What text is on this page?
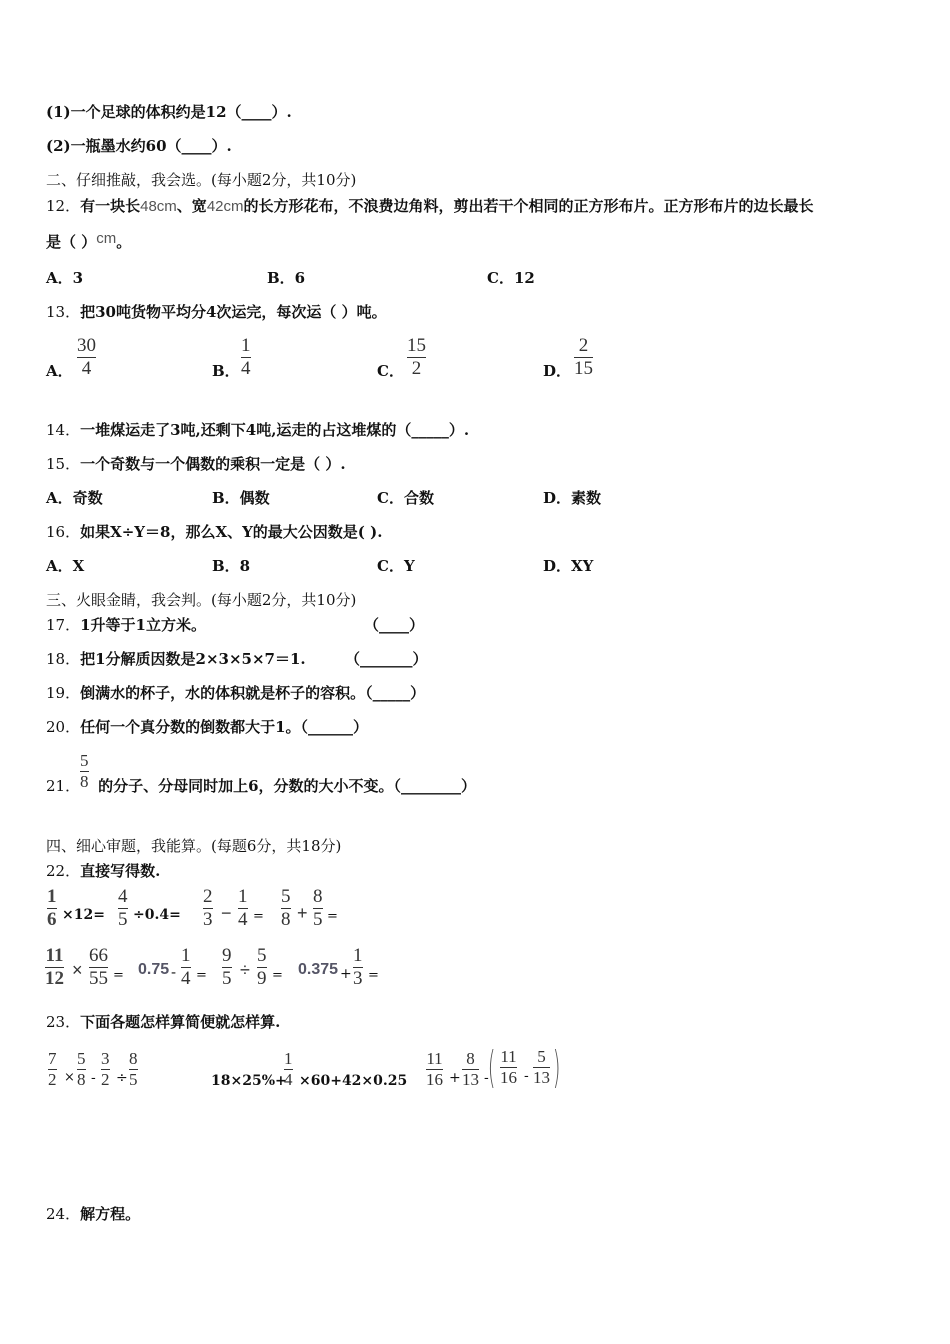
(1)一个足球的体积约是12（____）.
(2)一瓶墨水约60（____）.
二、仔细推敲，我会选。(每小题2分，共10分)
12．有一块长48cm、宽42cm的长方形花布，不浪费边角料，剪出若干个相同的正方形布片。正方形布片的边长最长
是（ ）cm。
A．3	B．6	C．12
13．把30吨货物平均分4次运完，每次运（ ）吨。
A．
30
4	B．
1
4	C．
15
2	D．
2
15
14．一堆煤运走了3吨,还剩下4吨,运走的占这堆煤的（_____）.
15．一个奇数与一个偶数的乘积一定是（ ）.
A．奇数	B．偶数	C．合数	D．素数
16．如果X÷Y＝8，那么X、Y的最大公因数是( ).
A．X	B．8	C．Y	D．XY
三、火眼金睛，我会判。(每小题2分，共10分)
17．1升等于1立方米。	（____）
18．把1分解质因数是2×3×5×7＝1.	（_______）
19．倒满水的杯子，水的体积就是杯子的容积。（_____）
20．任何一个真分数的倒数都大于1。（______）
21． 的分子、分母同时加上6，分数的大小不变。（________）
5
8
四、细心审题，我能算。(每题6分，共18分)
22．直接写得数.
1
6 ×12=
4
5 ÷0.4=
2
3 −
1
4 =
5
8 +
8
5 =
11
12 ×
66
55 = 0.75 -
1
4 =
9
5 ÷
5
9 = 0.375 +
1
3 =
23．下面各题怎样算简便就怎样算.
7
2 ×
5
8 -
3
2 ÷
8
5	18×25%+
1
4 ×60+42×0.25
11
16 +
8
13 -
( 11
16 -
5
13 )
24．解方程。
